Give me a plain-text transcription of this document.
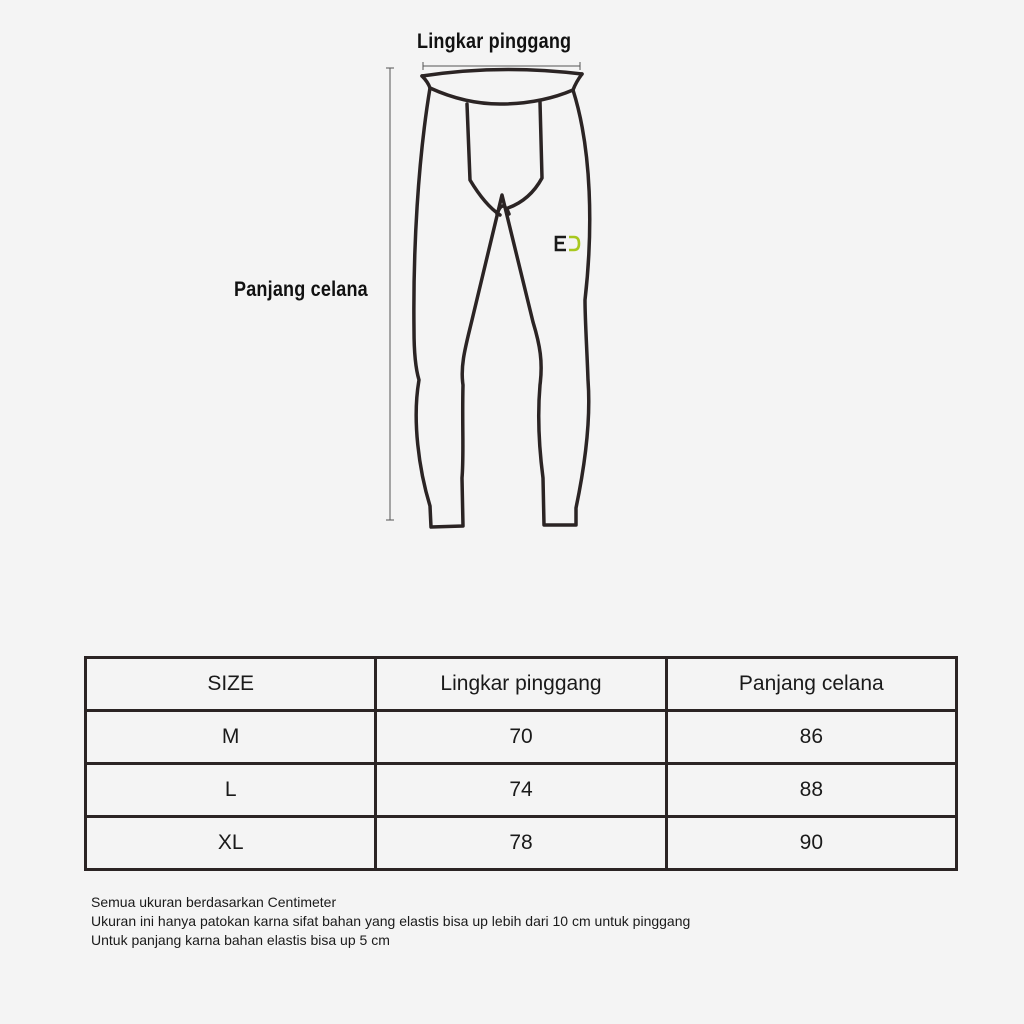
Lingkar pinggang
Panjang celana
SIZE	Lingkar pinggang	Panjang celana
M	70	86
L	74	88
XL	78	90
Semua ukuran berdasarkan Centimeter
Ukuran ini hanya patokan karna sifat bahan yang elastis bisa up lebih dari 10 cm untuk pinggang
Untuk panjang karna bahan elastis bisa up 5 cm
